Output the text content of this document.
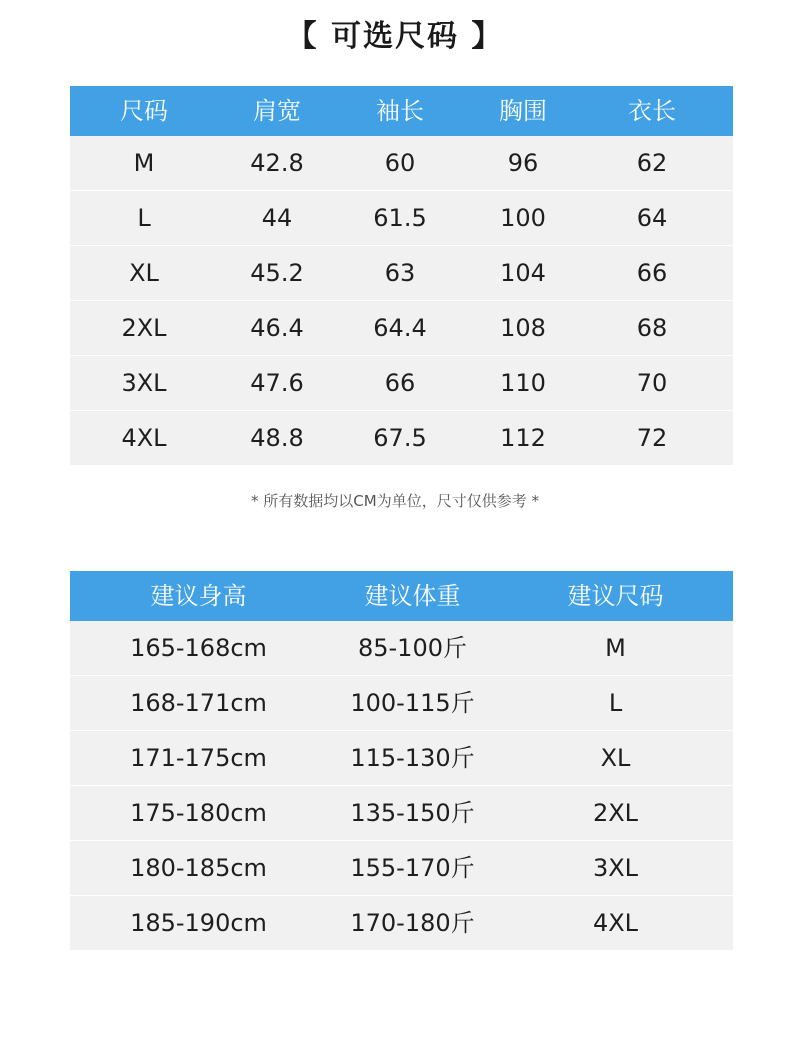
【 可选尺码 】
尺码	肩宽	袖长	胸围	衣长
M	42.8	60	96	62
L	44	61.5	100	64
XL	45.2	63	104	66
2XL	46.4	64.4	108	68
3XL	47.6	66	110	70
4XL	48.8	67.5	112	72
* 所有数据均以CM为单位，尺寸仅供参考 *
建议身高	建议体重	建议尺码
165-168cm	85-100斤	M
168-171cm	100-115斤	L
171-175cm	115-130斤	XL
175-180cm	135-150斤	2XL
180-185cm	155-170斤	3XL
185-190cm	170-180斤	4XL
